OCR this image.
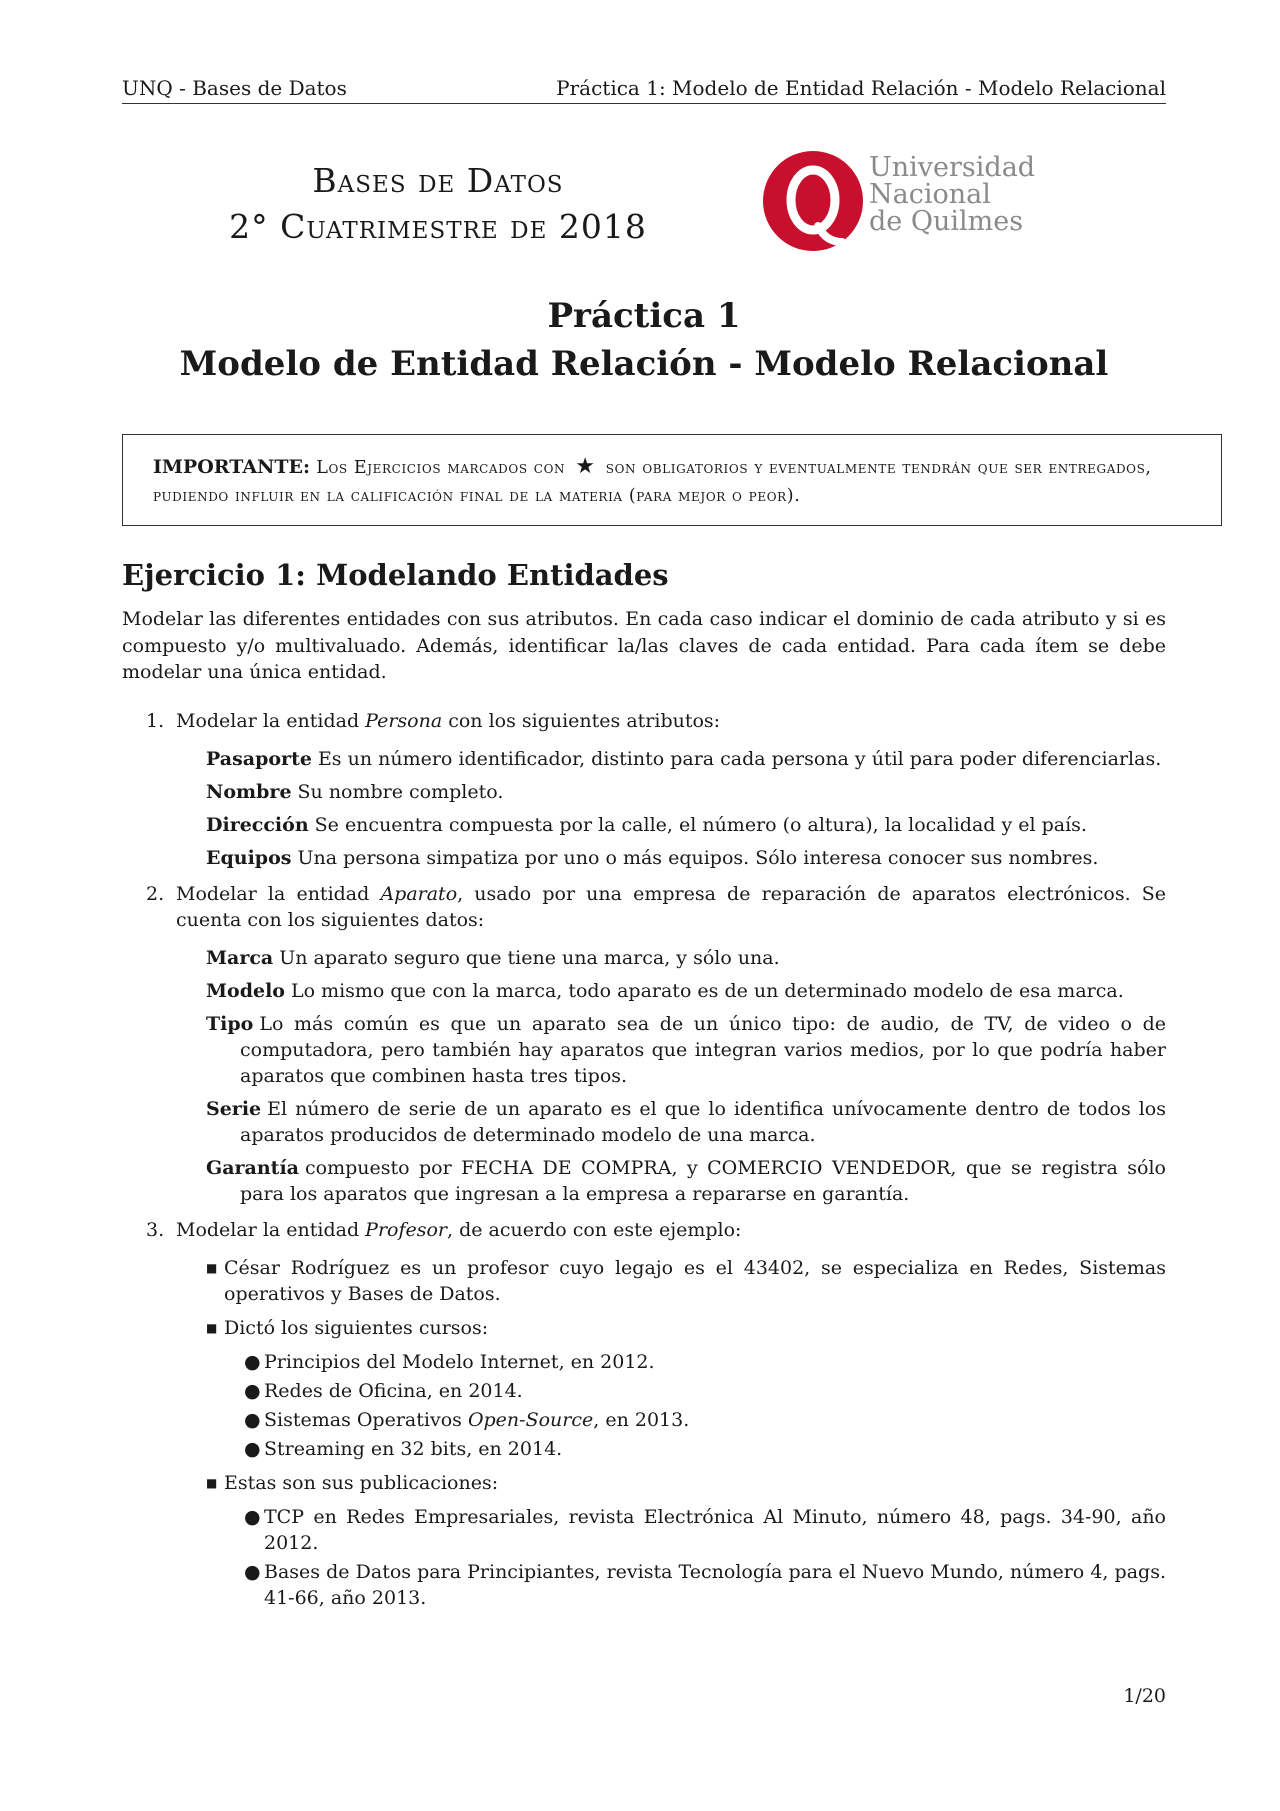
UNQ - Bases de Datos	Práctica 1: Modelo de Entidad Relación - Modelo Relacional
Bases de Datos
2° Cuatrimestre de 2018
Universidad
Nacional
de Quilmes
Práctica 1
Modelo de Entidad Relación - Modelo Relacional
IMPORTANTE: Los Ejercicios marcados con ★ son obligatorios y eventualmente tendrán que ser entregados, pudiendo influir en la calificación final de la materia (para mejor o peor).
Ejercicio 1: Modelando Entidades

Modelar las diferentes entidades con sus atributos. En cada caso indicar el dominio de cada atributo y si es compuesto y/o multivaluado. Además, identificar la/las claves de cada entidad. Para cada ítem se debe modelar una única entidad.

1. Modelar la entidad Persona con los siguientes atributos:

Pasaporte Es un número identificador, distinto para cada persona y útil para poder diferenciarlas.
Nombre Su nombre completo.
Dirección Se encuentra compuesta por la calle, el número (o altura), la localidad y el país.
Equipos Una persona simpatiza por uno o más equipos. Sólo interesa conocer sus nombres.
2. Modelar la entidad Aparato, usado por una empresa de reparación de aparatos electrónicos. Se cuenta con los siguientes datos:

Marca Un aparato seguro que tiene una marca, y sólo una.
Modelo Lo mismo que con la marca, todo aparato es de un determinado modelo de esa marca.
Tipo Lo más común es que un aparato sea de un único tipo: de audio, de TV, de video o de computadora, pero también hay aparatos que integran varios medios, por lo que podría haber aparatos que combinen hasta tres tipos.
Serie El número de serie de un aparato es el que lo identifica unívocamente dentro de todos los aparatos producidos de determinado modelo de una marca.
Garantía compuesto por FECHA DE COMPRA, y COMERCIO VENDEDOR, que se registra sólo para los aparatos que ingresan a la empresa a repararse en garantía.
3. Modelar la entidad Profesor, de acuerdo con este ejemplo:

■ César Rodríguez es un profesor cuyo legajo es el 43402, se especializa en Redes, Sistemas operativos y Bases de Datos.
■ Dictó los siguientes cursos:
● Principios del Modelo Internet, en 2012.
● Redes de Oficina, en 2014.
● Sistemas Operativos Open-Source, en 2013.
● Streaming en 32 bits, en 2014.
■ Estas son sus publicaciones:
● TCP en Redes Empresariales, revista Electrónica Al Minuto, número 48, pags. 34-90, año 2012.
● Bases de Datos para Principiantes, revista Tecnología para el Nuevo Mundo, número 4, pags. 41-66, año 2013.
1/20
